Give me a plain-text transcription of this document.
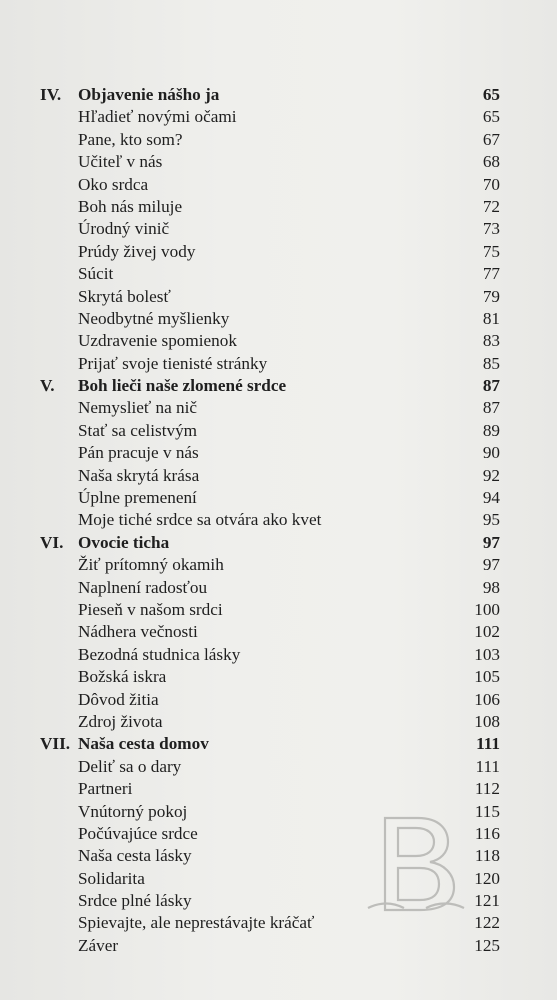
IV. Objavenie nášho ja	65
Hľadieť novými očami	65
Pane, kto som?	67
Učiteľ v nás	68
Oko srdca	70
Boh nás miluje	72
Úrodný vinič	73
Prúdy živej vody	75
Súcit	77
Skrytá bolesť	79
Neodbytné myšlienky	81
Uzdravenie spomienok	83
Prijať svoje tienisté stránky	85
V. Boh lieči naše zlomené srdce	87
Nemyslieť na nič	87
Stať sa celistvým	89
Pán pracuje v nás	90
Naša skrytá krása	92
Úplne premenení	94
Moje tiché srdce sa otvára ako kvet	95
VI. Ovocie ticha	97
Žiť prítomný okamih	97
Naplnení radosťou	98
Pieseň v našom srdci	100
Nádhera večnosti	102
Bezodná studnica lásky	103
Božská iskra	105
Dôvod žitia	106
Zdroj života	108
VII. Naša cesta domov	111
Deliť sa o dary	111
Partneri	112
Vnútorný pokoj	115
Počúvajúce srdce	116
Naša cesta lásky	118
Solidarita	120
Srdce plné lásky	121
Spievajte, ale neprestávajte kráčať	122
Záver	125
